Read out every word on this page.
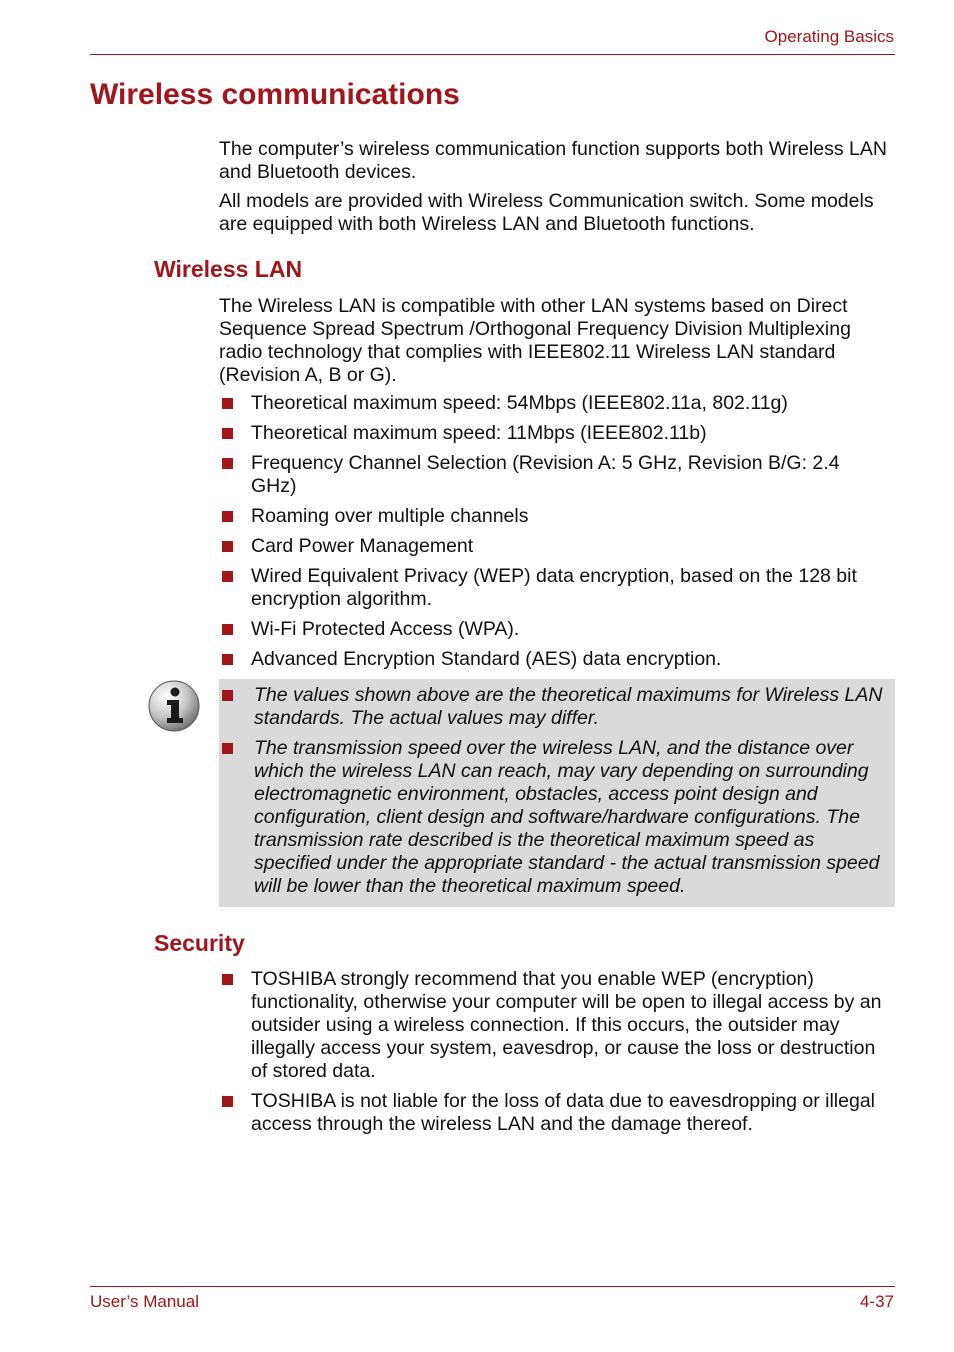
Operating Basics
Wireless communications

The computer’s wireless communication function supports both Wireless LAN and Bluetooth devices.

All models are provided with Wireless Communication switch. Some models are equipped with both Wireless LAN and Bluetooth functions.

Wireless LAN

The Wireless LAN is compatible with other LAN systems based on Direct Sequence Spread Spectrum /Orthogonal Frequency Division Multiplexing radio technology that complies with IEEE802.11 Wireless LAN standard (Revision A, B or G).

Theoretical maximum speed: 54Mbps (IEEE802.11a, 802.11g)
Theoretical maximum speed: 11Mbps (IEEE802.11b)
Frequency Channel Selection (Revision A: 5 GHz, Revision B/G: 2.4 GHz)
Roaming over multiple channels
Card Power Management
Wired Equivalent Privacy (WEP) data encryption, based on the 128 bit encryption algorithm.
Wi-Fi Protected Access (WPA).
Advanced Encryption Standard (AES) data encryption.
The values shown above are the theoretical maximums for Wireless LAN standards. The actual values may differ.
The transmission speed over the wireless LAN, and the distance over which the wireless LAN can reach, may vary depending on surrounding electromagnetic environment, obstacles, access point design and configuration, client design and software/hardware configurations. The transmission rate described is the theoretical maximum speed as specified under the appropriate standard - the actual transmission speed will be lower than the theoretical maximum speed.
Security
TOSHIBA strongly recommend that you enable WEP (encryption) functionality, otherwise your computer will be open to illegal access by an outsider using a wireless connection. If this occurs, the outsider may illegally access your system, eavesdrop, or cause the loss or destruction of stored data.
TOSHIBA is not liable for the loss of data due to eavesdropping or illegal access through the wireless LAN and the damage thereof.
User’s Manual	4-37
